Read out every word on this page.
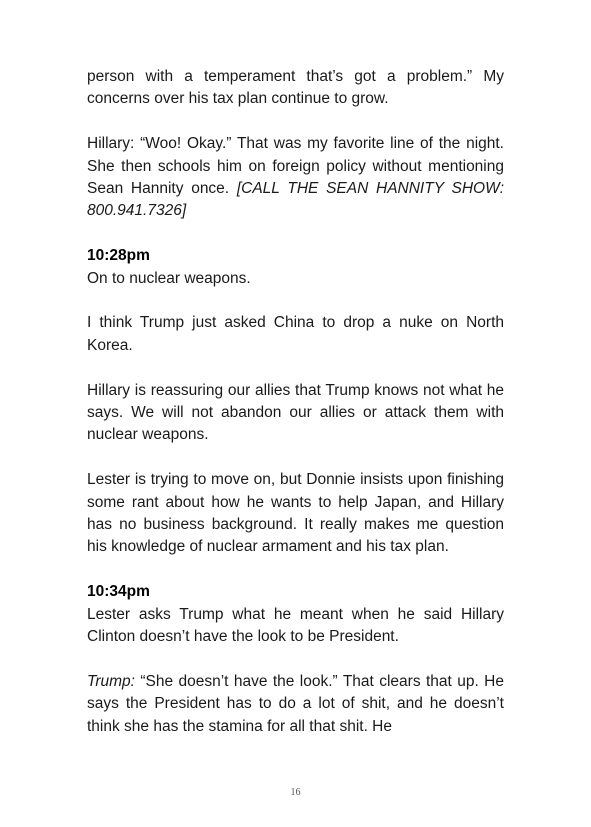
person with a temperament that’s got a problem.” My concerns over his tax plan continue to grow.

Hillary: “Woo! Okay.” That was my favorite line of the night. She then schools him on foreign policy without mentioning Sean Hannity once. [CALL THE SEAN HANNITY SHOW: 800.941.7326]

10:28pm

On to nuclear weapons.

I think Trump just asked China to drop a nuke on North Korea.

Hillary is reassuring our allies that Trump knows not what he says. We will not abandon our allies or attack them with nuclear weapons.

Lester is trying to move on, but Donnie insists upon finishing some rant about how he wants to help Japan, and Hillary has no business background. It really makes me question his knowledge of nuclear armament and his tax plan.

10:34pm

Lester asks Trump what he meant when he said Hillary Clinton doesn’t have the look to be President.

Trump: “She doesn’t have the look.” That clears that up. He says the President has to do a lot of shit, and he doesn’t think she has the stamina for all that shit. He

16
